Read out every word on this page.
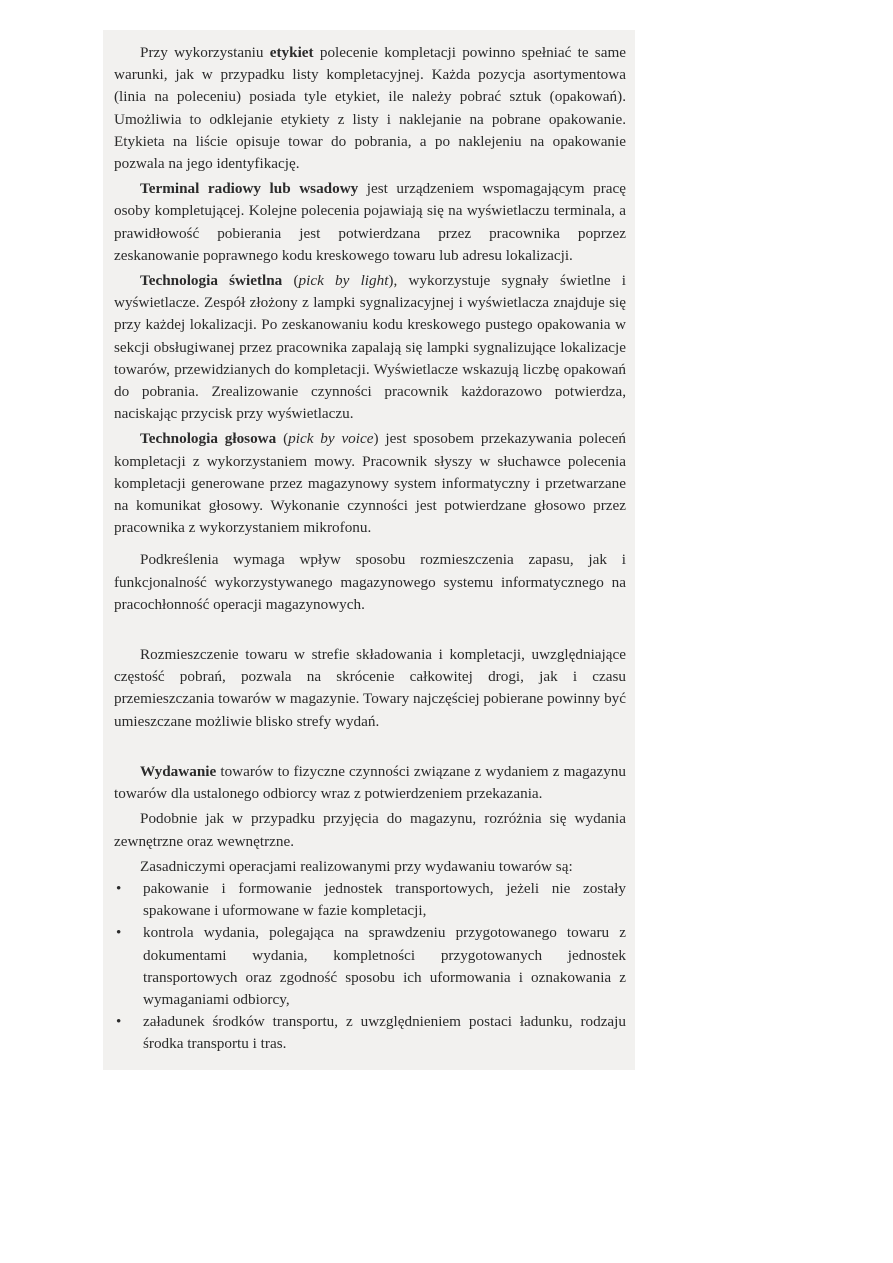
Przy wykorzystaniu etykiet polecenie kompletacji powinno spełniać te same warunki, jak w przypadku listy kompletacyjnej. Każda pozycja asortymentowa (linia na poleceniu) posiada tyle etykiet, ile należy pobrać sztuk (opakowań). Umożliwia to odklejanie etykiety z listy i naklejanie na pobrane opakowanie. Etykieta na liście opisuje towar do pobrania, a po naklejeniu na opakowanie pozwala na jego identyfikację.

Terminal radiowy lub wsadowy jest urządzeniem wspomagającym pracę osoby kompletującej. Kolejne polecenia pojawiają się na wyświetlaczu terminala, a prawidłowość pobierania jest potwierdzana przez pracownika poprzez zeskanowanie poprawnego kodu kreskowego towaru lub adresu lokalizacji.

Technologia świetlna (pick by light), wykorzystuje sygnały świetlne i wyświetlacze. Zespół złożony z lampki sygnalizacyjnej i wyświetlacza znajduje się przy każdej lokalizacji. Po zeskanowaniu kodu kreskowego pustego opakowania w sekcji obsługiwanej przez pracownika zapalają się lampki sygnalizujące lokalizacje towarów, przewidzianych do kompletacji. Wyświetlacze wskazują liczbę opakowań do pobrania. Zrealizowanie czynności pracownik każdorazowo potwierdza, naciskając przycisk przy wyświetlaczu.

Technologia głosowa (pick by voice) jest sposobem przekazywania poleceń kompletacji z wykorzystaniem mowy. Pracownik słyszy w słuchawce polecenia kompletacji generowane przez magazynowy system informatyczny i przetwarzane na komunikat głosowy. Wykonanie czynności jest potwierdzane głosowo przez pracownika z wykorzystaniem mikrofonu.

Podkreślenia wymaga wpływ sposobu rozmieszczenia zapasu, jak i funkcjonalność wykorzystywanego magazynowego systemu informatycznego na pracochłonność operacji magazynowych.

Rozmieszczenie towaru w strefie składowania i kompletacji, uwzględniające częstość pobrań, pozwala na skrócenie całkowitej drogi, jak i czasu przemieszczania towarów w magazynie. Towary najczęściej pobierane powinny być umieszczane możliwie blisko strefy wydań.

Wydawanie towarów to fizyczne czynności związane z wydaniem z magazynu towarów dla ustalonego odbiorcy wraz z potwierdzeniem przekazania.

Podobnie jak w przypadku przyjęcia do magazynu, rozróżnia się wydania zewnętrzne oraz wewnętrzne.

Zasadniczymi operacjami realizowanymi przy wydawaniu towarów są:

• pakowanie i formowanie jednostek transportowych, jeżeli nie zostały spakowane i uformowane w fazie kompletacji,
• kontrola wydania, polegająca na sprawdzeniu przygotowanego towaru z dokumentami wydania, kompletności przygotowanych jednostek transportowych oraz zgodność sposobu ich uformowania i oznakowania z wymaganiami odbiorcy,
• załadunek środków transportu, z uwzględnieniem postaci ładunku, rodzaju środka transportu i tras.
